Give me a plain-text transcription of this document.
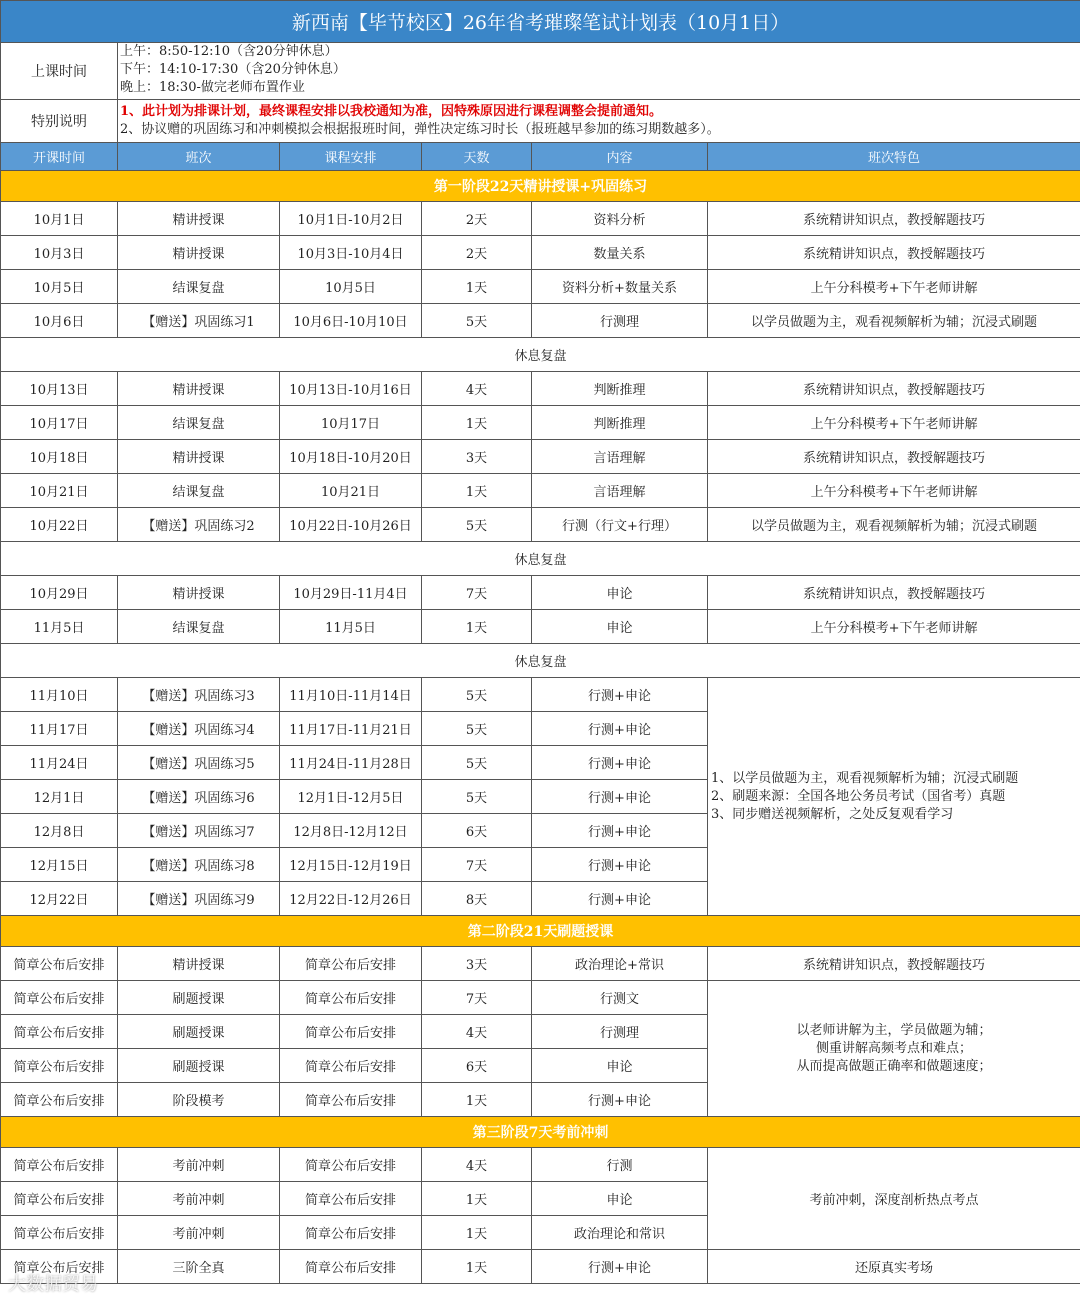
新西南【毕节校区】26年省考璀璨笔试计划表（10月1日）					
上课时间	上午：8:50-12:10（含20分钟休息）
下午：14:10-17:30（含20分钟休息）
晚上：18:30-做完老师布置作业				

特别说明	1、此计划为排课计划，最终课程安排以我校通知为准，因特殊原因进行课程调整会提前通知。
2、协议赠的巩固练习和冲刺模拟会根据报班时间，弹性决定练习时长（报班越早参加的练习期数越多）。				

开课时间	班次	课程安排	天数	内容	班次特色
第一阶段22天精讲授课+巩固练习					
10月1日	精讲授课	10月1日-10月2日	2天	资料分析	系统精讲知识点，教授解题技巧
10月3日	精讲授课	10月3日-10月4日	2天	数量关系	系统精讲知识点，教授解题技巧
10月5日	结课复盘	10月5日	1天	资料分析+数量关系	上午分科模考+下午老师讲解
10月6日	【赠送】巩固练习1	10月6日-10月10日	5天	行测理	以学员做题为主，观看视频解析为辅；沉浸式刷题
休息复盘					
10月13日	精讲授课	10月13日-10月16日	4天	判断推理	系统精讲知识点，教授解题技巧
10月17日	结课复盘	10月17日	1天	判断推理	上午分科模考+下午老师讲解
10月18日	精讲授课	10月18日-10月20日	3天	言语理解	系统精讲知识点，教授解题技巧
10月21日	结课复盘	10月21日	1天	言语理解	上午分科模考+下午老师讲解
10月22日	【赠送】巩固练习2	10月22日-10月26日	5天	行测（行文+行理）	以学员做题为主，观看视频解析为辅；沉浸式刷题
休息复盘					
10月29日	精讲授课	10月29日-11月4日	7天	申论	系统精讲知识点，教授解题技巧
11月5日	结课复盘	11月5日	1天	申论	上午分科模考+下午老师讲解
休息复盘					
11月10日	【赠送】巩固练习3	11月10日-11月14日	5天	行测+申论	1、以学员做题为主，观看视频解析为辅；沉浸式刷题
2、刷题来源：全国各地公务员考试（国省考）真题
3、同步赠送视频解析，之处反复观看学习

11月17日	【赠送】巩固练习4	11月17日-11月21日	5天	行测+申论	
11月24日	【赠送】巩固练习5	11月24日-11月28日	5天	行测+申论	
12月1日	【赠送】巩固练习6	12月1日-12月5日	5天	行测+申论	
12月8日	【赠送】巩固练习7	12月8日-12月12日	6天	行测+申论	
12月15日	【赠送】巩固练习8	12月15日-12月19日	7天	行测+申论	
12月22日	【赠送】巩固练习9	12月22日-12月26日	8天	行测+申论	
第二阶段21天刷题授课					
简章公布后安排	精讲授课	简章公布后安排	3天	政治理论+常识	系统精讲知识点，教授解题技巧
简章公布后安排	刷题授课	简章公布后安排	7天	行测文	以老师讲解为主，学员做题为辅；
侧重讲解高频考点和难点；
从而提高做题正确率和做题速度；

简章公布后安排	刷题授课	简章公布后安排	4天	行测理	
简章公布后安排	刷题授课	简章公布后安排	6天	申论	
简章公布后安排	阶段模考	简章公布后安排	1天	行测+申论	
第三阶段7天考前冲刺					
简章公布后安排	考前冲刺	简章公布后安排	4天	行测	考前冲刺，深度剖析热点考点
简章公布后安排	考前冲刺	简章公布后安排	1天	申论	
简章公布后安排	考前冲刺	简章公布后安排	1天	政治理论和常识	
简章公布后安排	三阶全真	简章公布后安排	1天	行测+申论	还原真实考场
大数据贸易
